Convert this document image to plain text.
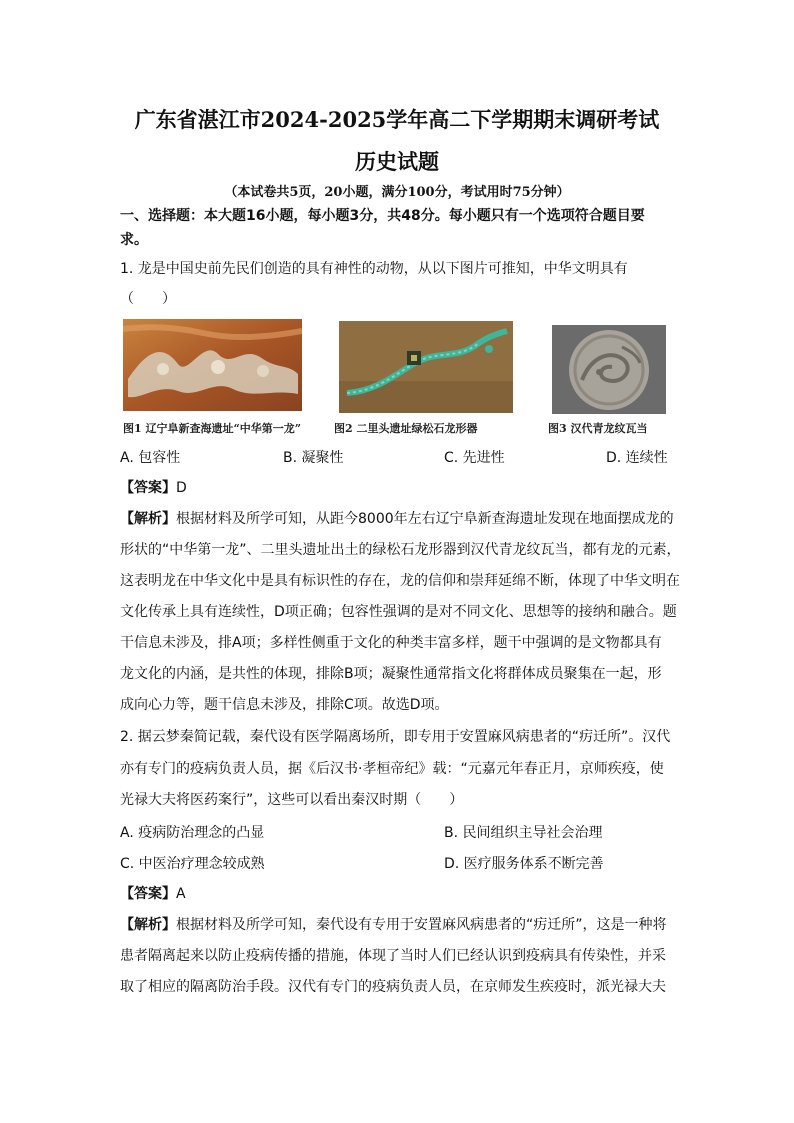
广东省湛江市2024-2025学年高二下学期期末调研考试
历史试题
（本试卷共5页，20小题，满分100分，考试用时75分钟）
一、选择题：本大题16小题，每小题3分，共48分。每小题只有一个选项符合题目要
求。
1. 龙是中国史前先民们创造的具有神性的动物，从以下图片可推知，中华文明具有
（　　）
图1 辽宁阜新查海遗址“中华第一龙”	图2 二里头遗址绿松石龙形器	图3 汉代青龙纹瓦当
A. 包容性	B. 凝聚性	C. 先进性	D. 连续性
【答案】D
【解析】根据材料及所学可知，从距今8000年左右辽宁阜新查海遗址发现在地面摆成龙的
形状的“中华第一龙”、二里头遗址出土的绿松石龙形器到汉代青龙纹瓦当，都有龙的元素，
这表明龙在中华文化中是具有标识性的存在，龙的信仰和崇拜延绵不断，体现了中华文明在
文化传承上具有连续性，D项正确；包容性强调的是对不同文化、思想等的接纳和融合。题
干信息未涉及，排A项；多样性侧重于文化的种类丰富多样，题干中强调的是文物都具有
龙文化的内涵，是共性的体现，排除B项；凝聚性通常指文化将群体成员聚集在一起，形
成向心力等，题干信息未涉及，排除C项。故选D项。
2. 据云梦秦简记载，秦代设有医学隔离场所，即专用于安置麻风病患者的“疠迁所”。汉代
亦有专门的疫病负责人员，据《后汉书·孝桓帝纪》载：“元嘉元年春正月，京师疾疫，使
光禄大夫将医药案行”，这些可以看出秦汉时期（　　）
A. 疫病防治理念的凸显	B. 民间组织主导社会治理
C. 中医治疗理念较成熟	D. 医疗服务体系不断完善
【答案】A
【解析】根据材料及所学可知，秦代设有专用于安置麻风病患者的“疠迁所”，这是一种将
患者隔离起来以防止疫病传播的措施，体现了当时人们已经认识到疫病具有传染性，并采
取了相应的隔离防治手段。汉代有专门的疫病负责人员，在京师发生疾疫时，派光禄大夫
